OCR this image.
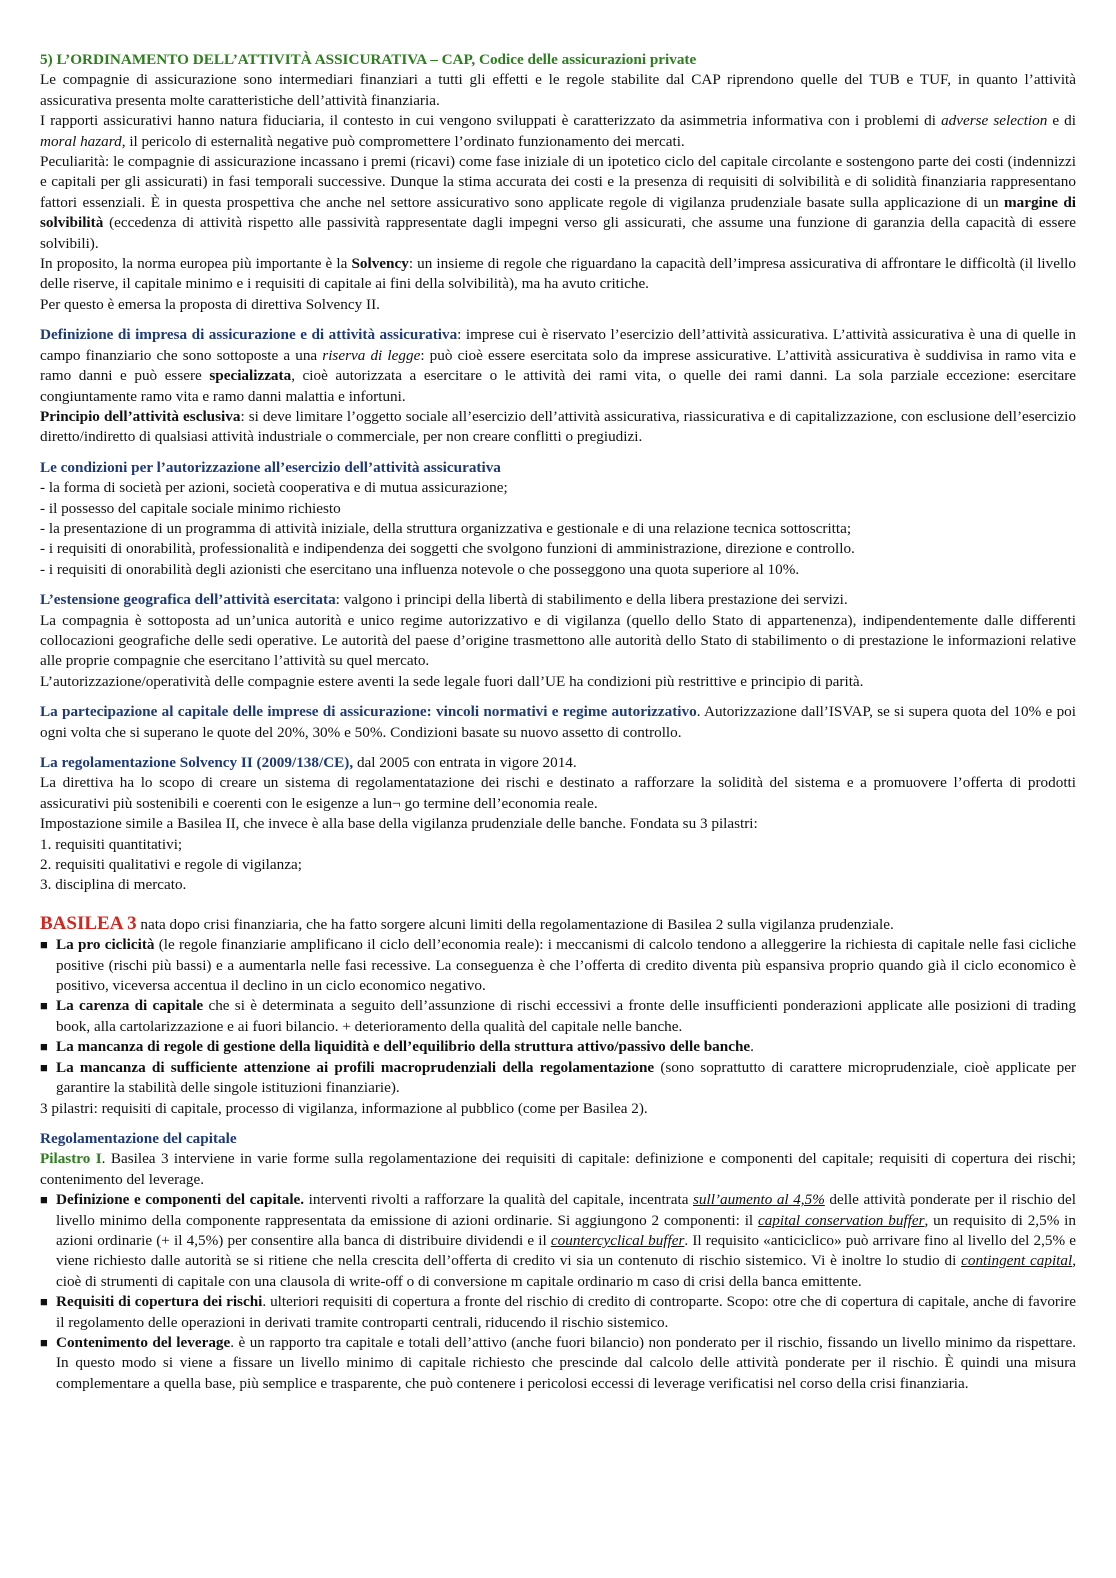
5) L’ORDINAMENTO DELL’ATTIVITÀ ASSICURATIVA – CAP, Codice delle assicurazioni private

Le compagnie di assicurazione sono intermediari finanziari a tutti gli effetti e le regole stabilite dal CAP riprendono quelle del TUB e TUF, in quanto l’attività assicurativa presenta molte caratteristiche dell’attività finanziaria.

I rapporti assicurativi hanno natura fiduciaria, il contesto in cui vengono sviluppati è caratterizzato da asimmetria informativa con i problemi di adverse selection e di moral hazard, il pericolo di esternalità negative può compromettere l’ordinato funzionamento dei mercati.

Peculiarità: le compagnie di assicurazione incassano i premi (ricavi) come fase iniziale di un ipotetico ciclo del capitale circolante e sostengono parte dei costi (indennizzi e capitali per gli assicurati) in fasi temporali successive. Dunque la stima accurata dei costi e la presenza di requisiti di solvibilità e di solidità finanziaria rappresentano fattori essenziali. È in questa prospettiva che anche nel settore assicurativo sono applicate regole di vigilanza prudenziale basate sulla applicazione di un margine di solvibilità (eccedenza di attività rispetto alle passività rappresentate dagli impegni verso gli assicurati, che assume una funzione di garanzia della capacità di essere solvibili).

In proposito, la norma europea più importante è la Solvency: un insieme di regole che riguardano la capacità dell’impresa assicurativa di affrontare le difficoltà (il livello delle riserve, il capitale minimo e i requisiti di capitale ai fini della solvibilità), ma ha avuto critiche.

Per questo è emersa la proposta di direttiva Solvency II.

Definizione di impresa di assicurazione e di attività assicurativa: imprese cui è riservato l’esercizio dell’attività assicurativa. L’attività assicurativa è una di quelle in campo finanziario che sono sottoposte a una riserva di legge: può cioè essere esercitata solo da imprese assicurative. L’attività assicurativa è suddivisa in ramo vita e ramo danni e può essere specializzata, cioè autorizzata a esercitare o le attività dei rami vita, o quelle dei rami danni. La sola parziale eccezione: esercitare congiuntamente ramo vita e ramo danni malattia e infortuni.

Principio dell’attività esclusiva: si deve limitare l’oggetto sociale all’esercizio dell’attività assicurativa, riassicurativa e di capitalizzazione, con esclusione dell’esercizio diretto/indiretto di qualsiasi attività industriale o commerciale, per non creare conflitti o pregiudizi.

Le condizioni per l’autorizzazione all’esercizio dell’attività assicurativa

- la forma di società per azioni, società cooperativa e di mutua assicurazione;

- il possesso del capitale sociale minimo richiesto

- la presentazione di un programma di attività iniziale, della struttura organizzativa e gestionale e di una relazione tecnica sottoscritta;

- i requisiti di onorabilità, professionalità e indipendenza dei soggetti che svolgono funzioni di amministrazione, direzione e controllo.

- i requisiti di onorabilità degli azionisti che esercitano una influenza notevole o che posseggono una quota superiore al 10%.

L’estensione geografica dell’attività esercitata: valgono i principi della libertà di stabilimento e della libera prestazione dei servizi.

La compagnia è sottoposta ad un’unica autorità e unico regime autorizzativo e di vigilanza (quello dello Stato di appartenenza), indipendentemente dalle differenti collocazioni geografiche delle sedi operative. Le autorità del paese d’origine trasmettono alle autorità dello Stato di stabilimento o di prestazione le informazioni relative alle proprie compagnie che esercitano l’attività su quel mercato.

L’autorizzazione/operatività delle compagnie estere aventi la sede legale fuori dall’UE ha condizioni più restrittive e principio di parità.

La partecipazione al capitale delle imprese di assicurazione: vincoli normativi e regime autorizzativo. Autorizzazione dall’ISVAP, se si supera quota del 10% e poi ogni volta che si superano le quote del 20%, 30% e 50%. Condizioni basate su nuovo assetto di controllo.

La regolamentazione Solvency II (2009/138/CE), dal 2005 con entrata in vigore 2014.

La direttiva ha lo scopo di creare un sistema di regolamentatazione dei rischi e destinato a rafforzare la solidità del sistema e a promuovere l’offerta di prodotti assicurativi più sostenibili e coerenti con le esigenze a lun¬ go termine dell’economia reale.

Impostazione simile a Basilea II, che invece è alla base della vigilanza prudenziale delle banche. Fondata su 3 pilastri:

1. requisiti quantitativi;

2. requisiti qualitativi e regole di vigilanza;

3. disciplina di mercato.

BASILEA 3 nata dopo crisi finanziaria, che ha fatto sorgere alcuni limiti della regolamentazione di Basilea 2 sulla vigilanza prudenziale.

■ La pro ciclicità (le regole finanziarie amplificano il ciclo dell’economia reale): i meccanismi di calcolo tendono a alleggerire la richiesta di capitale nelle fasi cicliche positive (rischi più bassi) e a aumentarla nelle fasi recessive. La conseguenza è che l’offerta di credito diventa più espansiva proprio quando già il ciclo economico è positivo, viceversa accentua il declino in un ciclo economico negativo.

■ La carenza di capitale che si è determinata a seguito dell’assunzione di rischi eccessivi a fronte delle insufficienti ponderazioni applicate alle posizioni di trading book, alla cartolarizzazione e ai fuori bilancio. + deterioramento della qualità del capitale nelle banche.

■ La mancanza di regole di gestione della liquidità e dell’equilibrio della struttura attivo/passivo delle banche.

■ La mancanza di sufficiente attenzione ai profili macroprudenziali della regolamentazione (sono soprattutto di carattere microprudenziale, cioè applicate per garantire la stabilità delle singole istituzioni finanziarie).

3 pilastri: requisiti di capitale, processo di vigilanza, informazione al pubblico (come per Basilea 2).

Regolamentazione del capitale

Pilastro I. Basilea 3 interviene in varie forme sulla regolamentazione dei requisiti di capitale: definizione e componenti del capitale; requisiti di copertura dei rischi; contenimento del leverage.

■ Definizione e componenti del capitale. interventi rivolti a rafforzare la qualità del capitale, incentrata sull’aumento al 4,5% delle attività ponderate per il rischio del livello minimo della componente rappresentata da emissione di azioni ordinarie. Si aggiungono 2 componenti: il capital conservation buffer, un requisito di 2,5% in azioni ordinarie (+ il 4,5%) per consentire alla banca di distribuire dividendi e il countercyclical buffer. Il requisito «anticiclico» può arrivare fino al livello del 2,5% e viene richiesto dalle autorità se si ritiene che nella crescita dell’offerta di credito vi sia un contenuto di rischio sistemico. Vi è inoltre lo studio di contingent capital, cioè di strumenti di capitale con una clausola di write-off o di conversione m capitale ordinario m caso di crisi della banca emittente.

■ Requisiti di copertura dei rischi. ulteriori requisiti di copertura a fronte del rischio di credito di controparte. Scopo: otre che di copertura di capitale, anche di favorire il regolamento delle operazioni in derivati tramite controparti centrali, riducendo il rischio sistemico.

■ Contenimento del leverage. è un rapporto tra capitale e totali dell’attivo (anche fuori bilancio) non ponderato per il rischio, fissando un livello minimo da rispettare. In questo modo si viene a fissare un livello minimo di capitale richiesto che prescinde dal calcolo delle attività ponderate per il rischio. È quindi una misura complementare a quella base, più semplice e trasparente, che può contenere i pericolosi eccessi di leverage verificatisi nel corso della crisi finanziaria.
